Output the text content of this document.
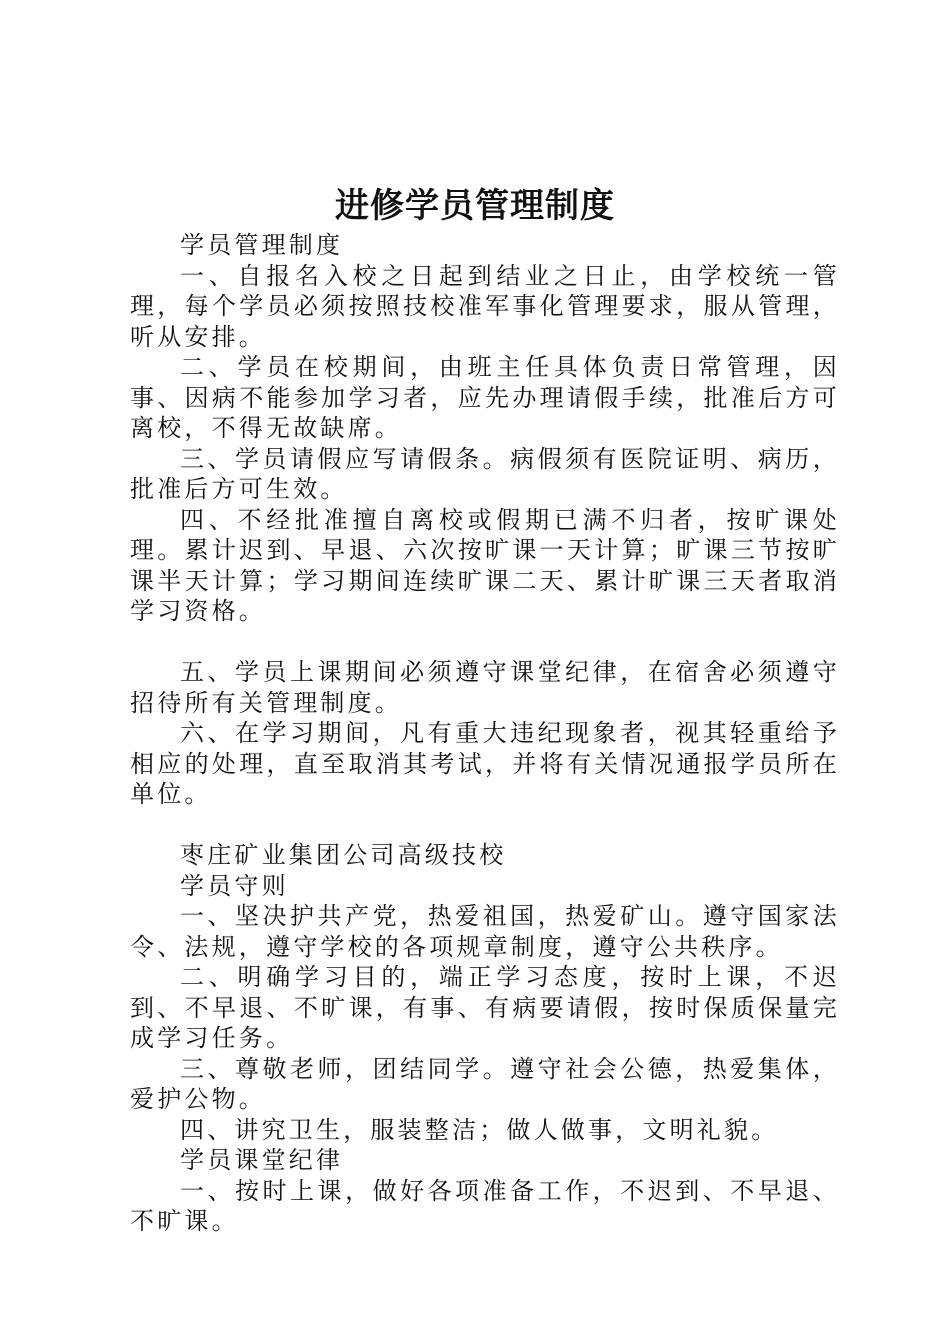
进修学员管理制度

学员管理制度

一、自报名入校之日起到结业之日止，由学校统一管理，每个学员必须按照技校准军事化管理要求，服从管理，听从安排。

二、学员在校期间，由班主任具体负责日常管理，因事、因病不能参加学习者，应先办理请假手续，批准后方可离校，不得无故缺席。

三、学员请假应写请假条。病假须有医院证明、病历，批准后方可生效。

四、不经批准擅自离校或假期已满不归者，按旷课处理。累计迟到、早退、六次按旷课一天计算；旷课三节按旷课半天计算；学习期间连续旷课二天、累计旷课三天者取消学习资格。

五、学员上课期间必须遵守课堂纪律，在宿舍必须遵守招待所有关管理制度。

六、在学习期间，凡有重大违纪现象者，视其轻重给予相应的处理，直至取消其考试，并将有关情况通报学员所在单位。

枣庄矿业集团公司高级技校

学员守则

一、坚决护共产党，热爱祖国，热爱矿山。遵守国家法令、法规，遵守学校的各项规章制度，遵守公共秩序。

二、明确学习目的，端正学习态度，按时上课，不迟到、不早退、不旷课，有事、有病要请假，按时保质保量完成学习任务。

三、尊敬老师，团结同学。遵守社会公德，热爱集体，爱护公物。

四、讲究卫生，服装整洁；做人做事，文明礼貌。

学员课堂纪律

一、按时上课，做好各项准备工作，不迟到、不早退、不旷课。
